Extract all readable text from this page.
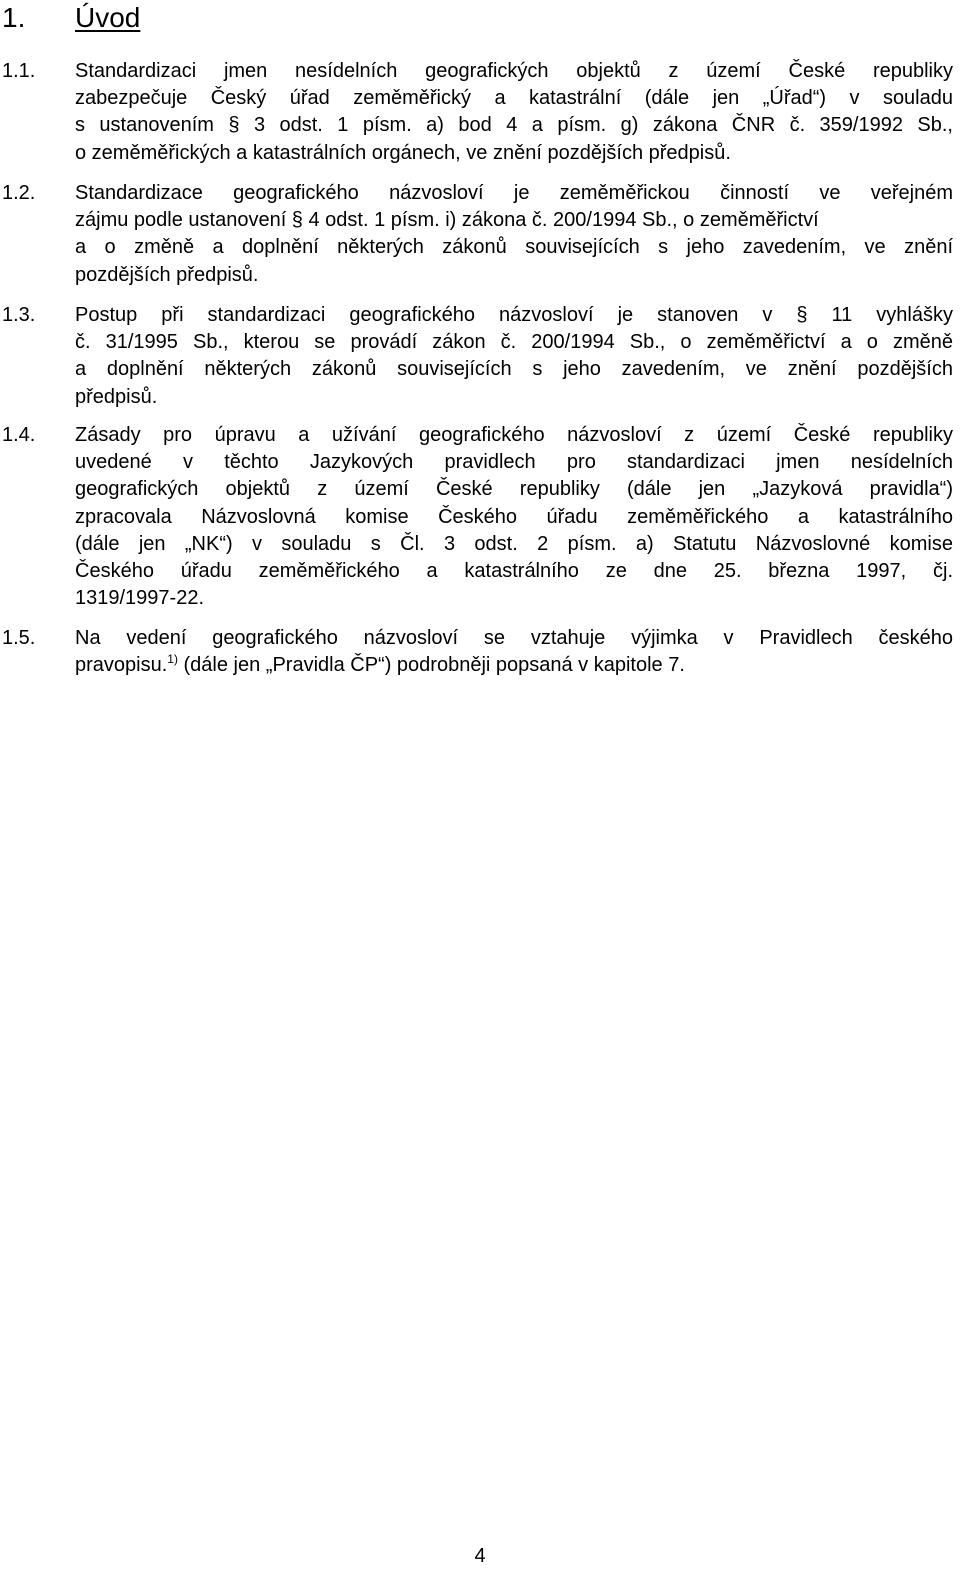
1. Úvod
1.1. Standardizaci jmen nesídelních geografických objektů z území České republiky
zabezpečuje Český úřad zeměměřický a katastrální (dále jen „Úřad“) v souladu
s ustanovením § 3 odst. 1 písm. a) bod 4 a písm. g) zákona ČNR č. 359/1992 Sb.,
o zeměměřických a katastrálních orgánech, ve znění pozdějších předpisů.
1.2. Standardizace geografického názvosloví je zeměměřickou činností ve veřejném
zájmu podle ustanovení § 4 odst. 1 písm. i) zákona č. 200/1994 Sb., o zeměměřictví
a o změně a doplnění některých zákonů souvisejících s jeho zavedením, ve znění
pozdějších předpisů.
1.3. Postup při standardizaci geografického názvosloví je stanoven v § 11 vyhlášky
č. 31/1995 Sb., kterou se provádí zákon č. 200/1994 Sb., o zeměměřictví a o změně
a doplnění některých zákonů souvisejících s jeho zavedením, ve znění pozdějších
předpisů.
1.4. Zásady pro úpravu a užívání geografického názvosloví z území České republiky
uvedené v těchto Jazykových pravidlech pro standardizaci jmen nesídelních
geografických objektů z území České republiky (dále jen „Jazyková pravidla“)
zpracovala Názvoslovná komise Českého úřadu zeměměřického a katastrálního
(dále jen „NK“) v souladu s Čl. 3 odst. 2 písm. a) Statutu Názvoslovné komise
Českého úřadu zeměměřického a katastrálního ze dne 25. března 1997, čj.
1319/1997-22.
1.5. Na vedení geografického názvosloví se vztahuje výjimka v Pravidlech českého
pravopisu.$^{1)}$ (dále jen „Pravidla ČP“) podrobněji popsaná v kapitole 7.
4
